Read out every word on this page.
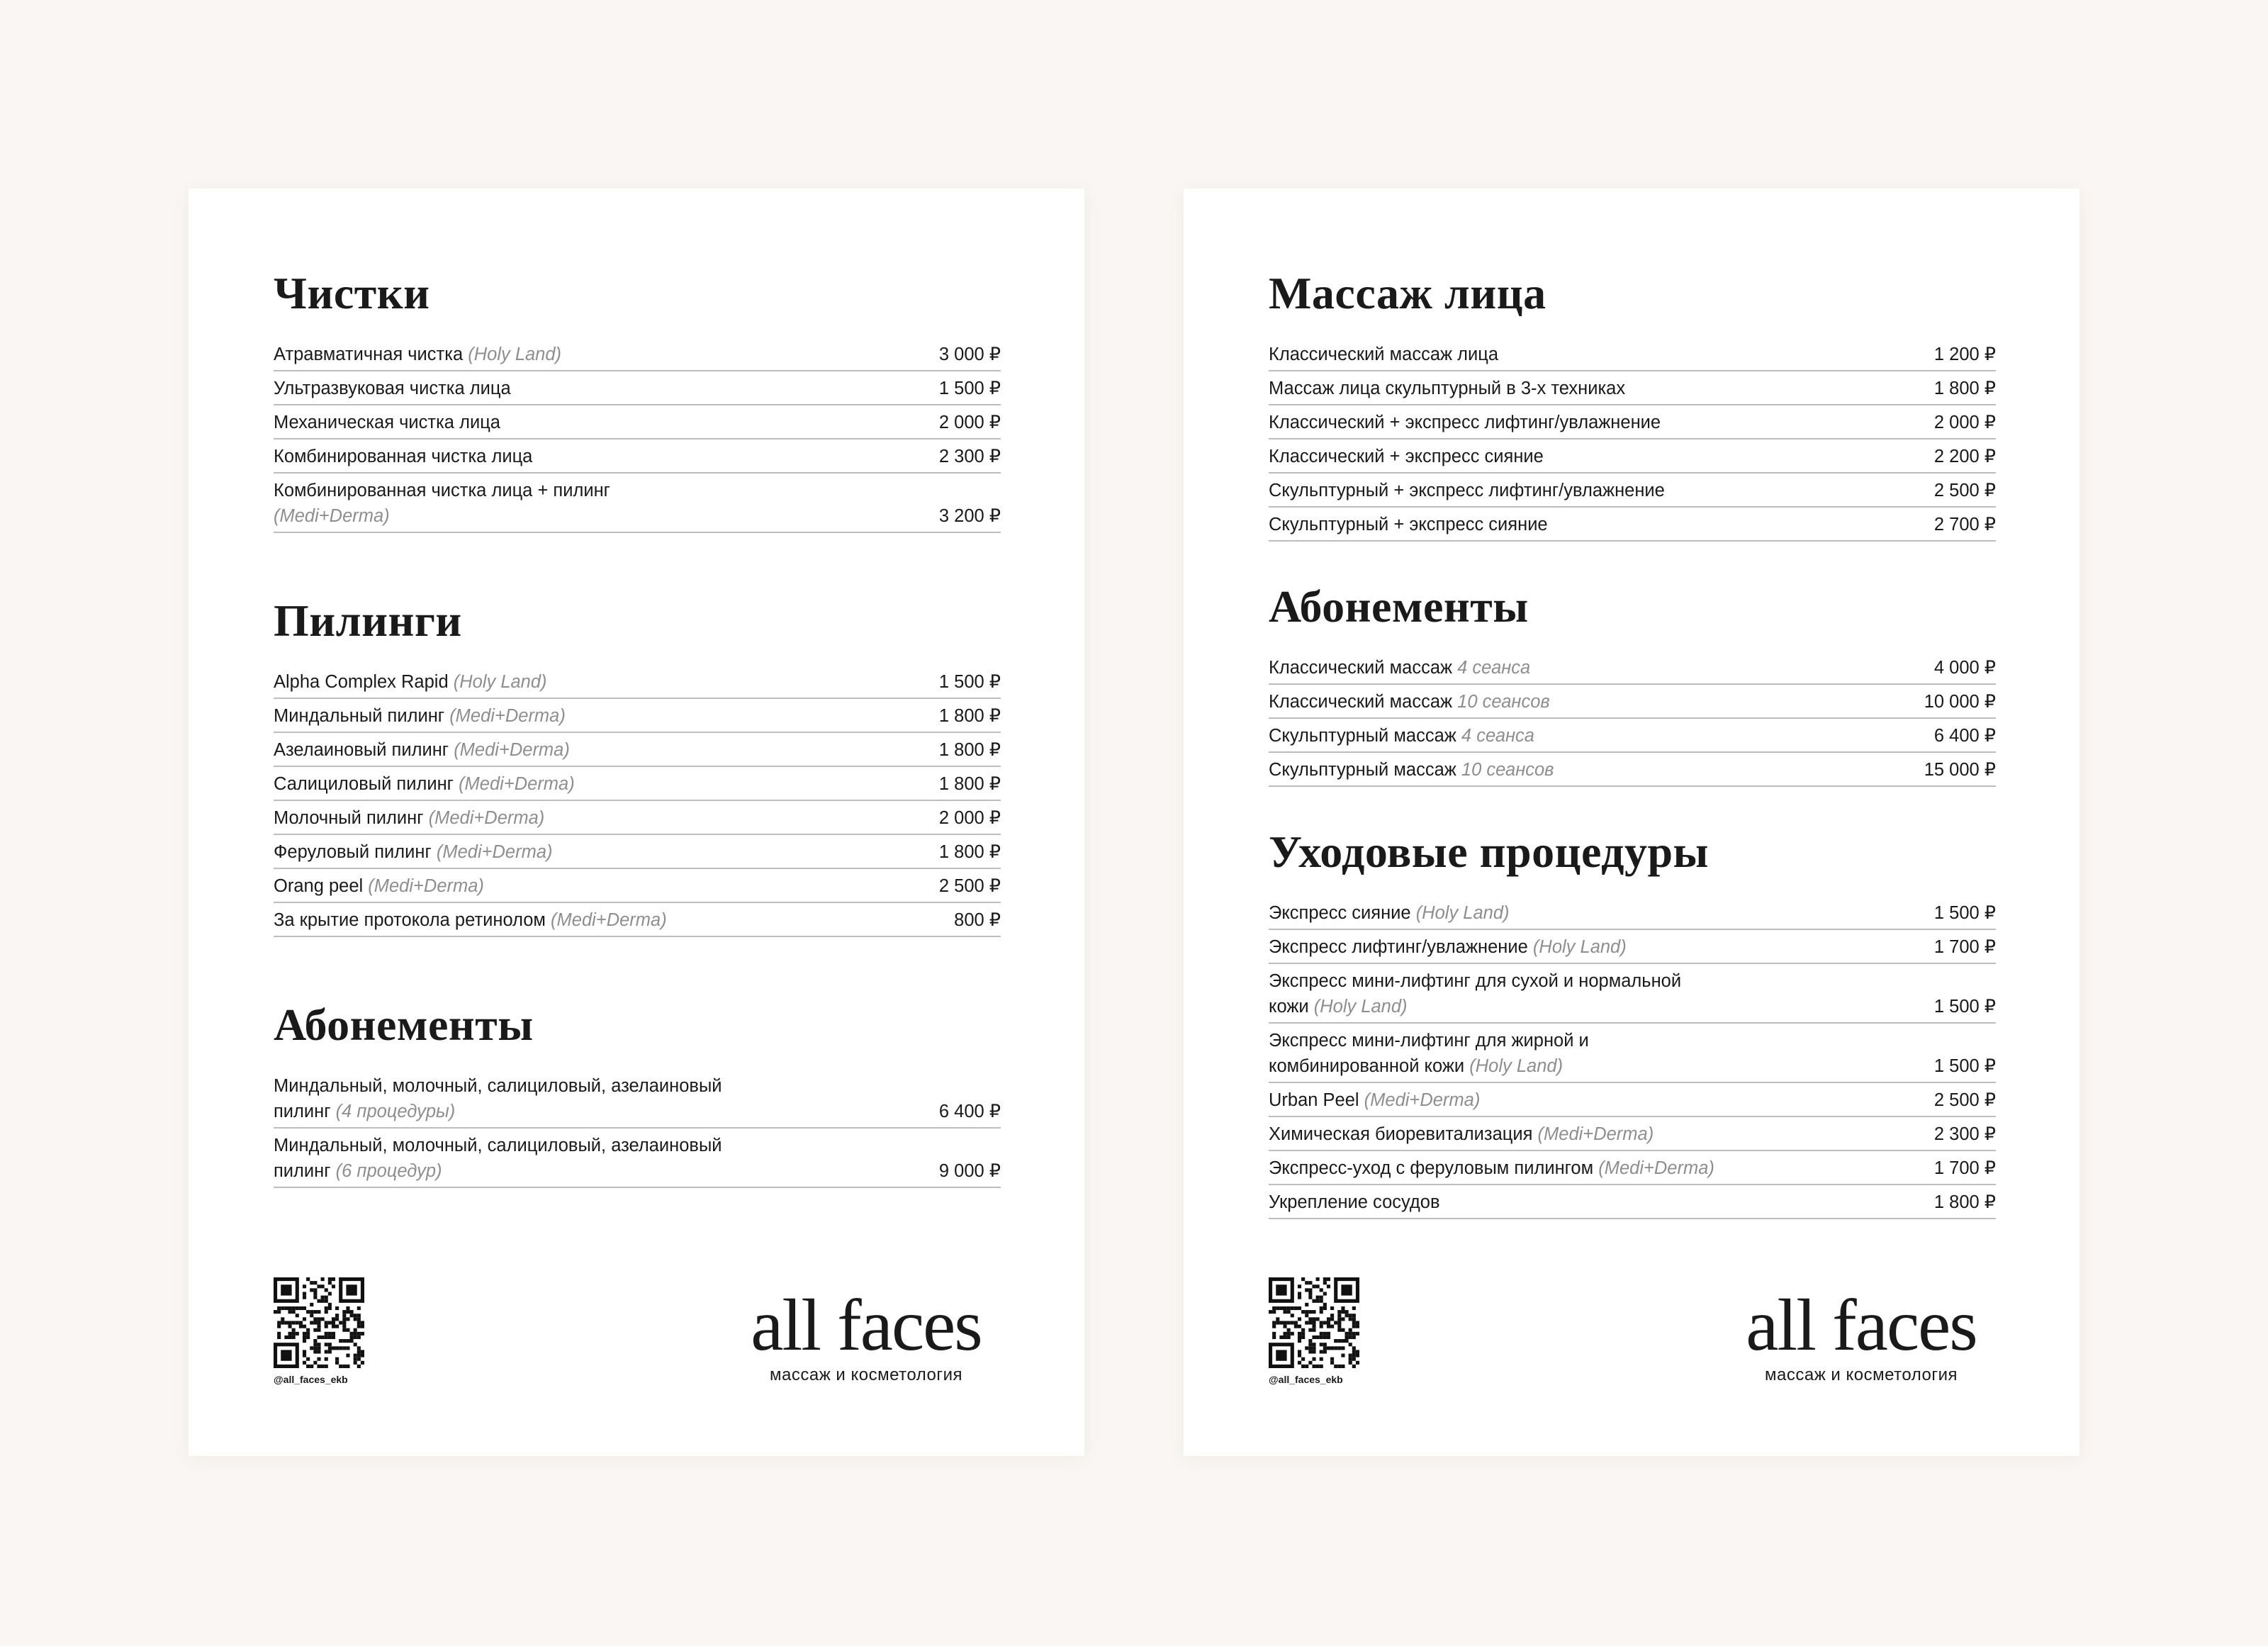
Чистки
Атравматичная чистка (Holy Land)	3 000 ₽
Ультразвуковая чистка лица	1 500 ₽
Механическая чистка лица	2 000 ₽
Комбинированная чистка лица	2 300 ₽
Комбинированная чистка лица + пилинг (Medi+Derma)	3 200 ₽
Пилинги
Alpha Complex Rapid (Holy Land)	1 500 ₽
Миндальный пилинг (Medi+Derma)	1 800 ₽
Азелаиновый пилинг (Medi+Derma)	1 800 ₽
Салициловый пилинг (Medi+Derma)	1 800 ₽
Молочный пилинг (Medi+Derma)	2 000 ₽
Феруловый пилинг (Medi+Derma)	1 800 ₽
Orang peel (Medi+Derma)	2 500 ₽
За крытие протокола ретинолом (Medi+Derma)	800 ₽
Абонементы
Миндальный, молочный, салициловый, азелаиновый пилинг (4 процедуры)	6 400 ₽
Миндальный, молочный, салициловый, азелаиновый пилинг (6 процедур)	9 000 ₽
@all_faces_ekb
all faces
массаж и косметология
Массаж лица
Классический массаж лица	1 200 ₽
Массаж лица скульптурный в 3-х техниках	1 800 ₽
Классический + экспресс лифтинг/увлажнение	2 000 ₽
Классический + экспресс сияние	2 200 ₽
Скульптурный + экспресс лифтинг/увлажнение	2 500 ₽
Скульптурный + экспресс сияние	2 700 ₽
Абонементы
Классический массаж 4 сеанса	4 000 ₽
Классический массаж 10 сеансов	10 000 ₽
Скульптурный массаж 4 сеанса	6 400 ₽
Скульптурный массаж 10 сеансов	15 000 ₽
Уходовые процедуры
Экспресс сияние (Holy Land)	1 500 ₽
Экспресс лифтинг/увлажнение (Holy Land)	1 700 ₽
Экспресс мини-лифтинг для сухой и нормальной кожи (Holy Land)	1 500 ₽
Экспресс мини-лифтинг для жирной и комбинированной кожи (Holy Land)	1 500 ₽
Urban Peel (Medi+Derma)	2 500 ₽
Химическая биоревитализация (Medi+Derma)	2 300 ₽
Экспресс-уход с феруловым пилингом (Medi+Derma)	1 700 ₽
Укрепление сосудов	1 800 ₽
@all_faces_ekb
all faces
массаж и косметология
